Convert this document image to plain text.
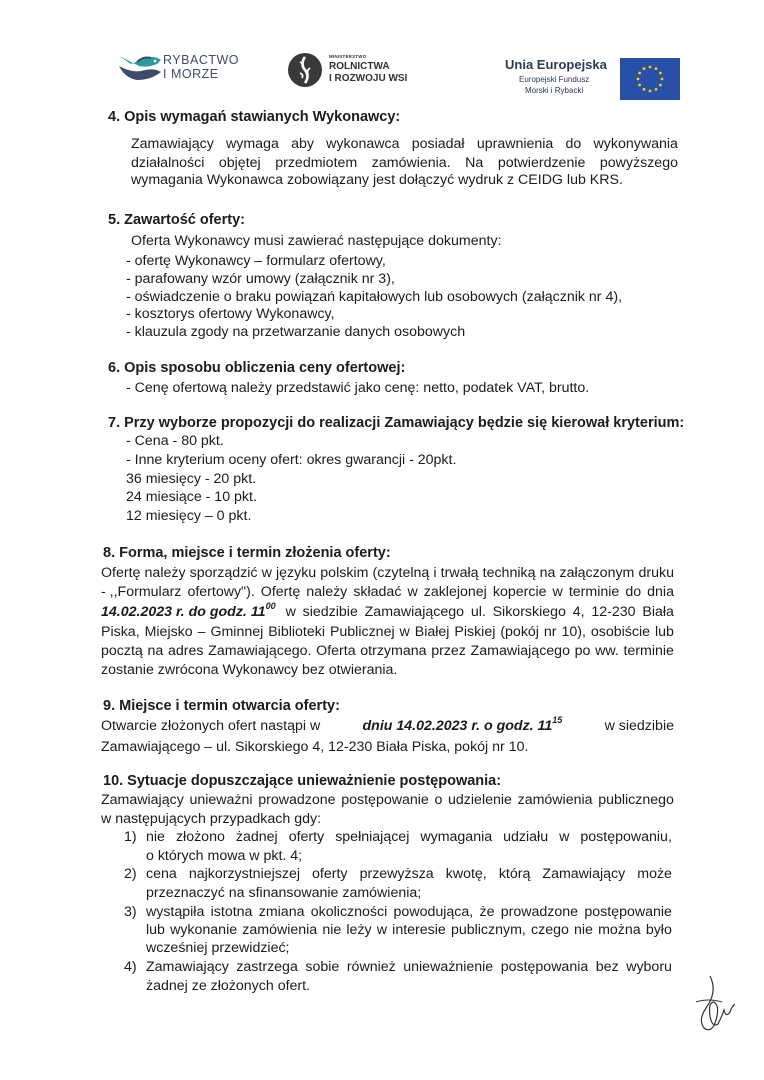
RYBACTWO
I MORZE
MINISTERSTWO
ROLNICTWA
I ROZWOJU WSI
Unia Europejska
Europejski Fundusz
Morski i Rybacki
4. Opis wymagań stawianych Wykonawcy:
Zamawiający wymaga aby wykonawca posiadał uprawnienia do wykonywania
działalności objętej przedmiotem zamówienia. Na potwierdzenie powyższego
wymagania Wykonawca zobowiązany jest dołączyć wydruk z CEIDG lub KRS.
5. Zawartość oferty:
Oferta Wykonawcy musi zawierać następujące dokumenty:
- ofertę Wykonawcy – formularz ofertowy,
- parafowany wzór umowy (załącznik nr 3),
- oświadczenie o braku powiązań kapitałowych lub osobowych (załącznik nr 4),
- kosztorys ofertowy Wykonawcy,
- klauzula zgody na przetwarzanie danych osobowych
6. Opis sposobu obliczenia ceny ofertowej:
- Cenę ofertową należy przedstawić jako cenę: netto, podatek VAT, brutto.
7. Przy wyborze propozycji do realizacji Zamawiający będzie się kierował kryterium:
- Cena - 80 pkt.
- Inne kryterium oceny ofert: okres gwarancji - 20pkt.
36 miesięcy - 20 pkt.
24 miesiące - 10 pkt.
12 miesięcy – 0 pkt.
8. Forma, miejsce i termin złożenia oferty:
Ofertę należy sporządzić w języku polskim (czytelną i trwałą techniką na załączonym druku
- ,,Formularz ofertowy"). Ofertę należy składać w zaklejonej kopercie w terminie do dnia
14.02.2023 r. do godz. $11^{00}$ w siedzibie Zamawiającego ul. Sikorskiego 4, 12-230 Biała
Piska, Miejsko – Gminnej Biblioteki Publicznej w Białej Piskiej (pokój nr 10), osobiście lub
pocztą na adres Zamawiającego. Oferta otrzymana przez Zamawiającego po ww. terminie
zostanie zwrócona Wykonawcy bez otwierania.
9. Miejsce i termin otwarcia oferty:
Otwarcie złożonych ofert nastąpi w	dniu 14.02.2023 r. o godz. $11^{15}$	w siedzibie
Zamawiającego – ul. Sikorskiego 4, 12-230 Biała Piska, pokój nr 10.
10. Sytuacje dopuszczające unieważnienie postępowania:
Zamawiający unieważni prowadzone postępowanie o udzielenie zamówienia publicznego
w następujących przypadkach gdy:
1) nie złożono żadnej oferty spełniającej wymagania udziału w postępowaniu,
o których mowa w pkt. 4;
2) cena najkorzystniejszej oferty przewyższa kwotę, którą Zamawiający może
przeznaczyć na sfinansowanie zamówienia;
3) wystąpiła istotna zmiana okoliczności powodująca, że prowadzone postępowanie
lub wykonanie zamówienia nie leży w interesie publicznym, czego nie można było
wcześniej przewidzieć;
4) Zamawiający zastrzega sobie również unieważnienie postępowania bez wyboru
żadnej ze złożonych ofert.
